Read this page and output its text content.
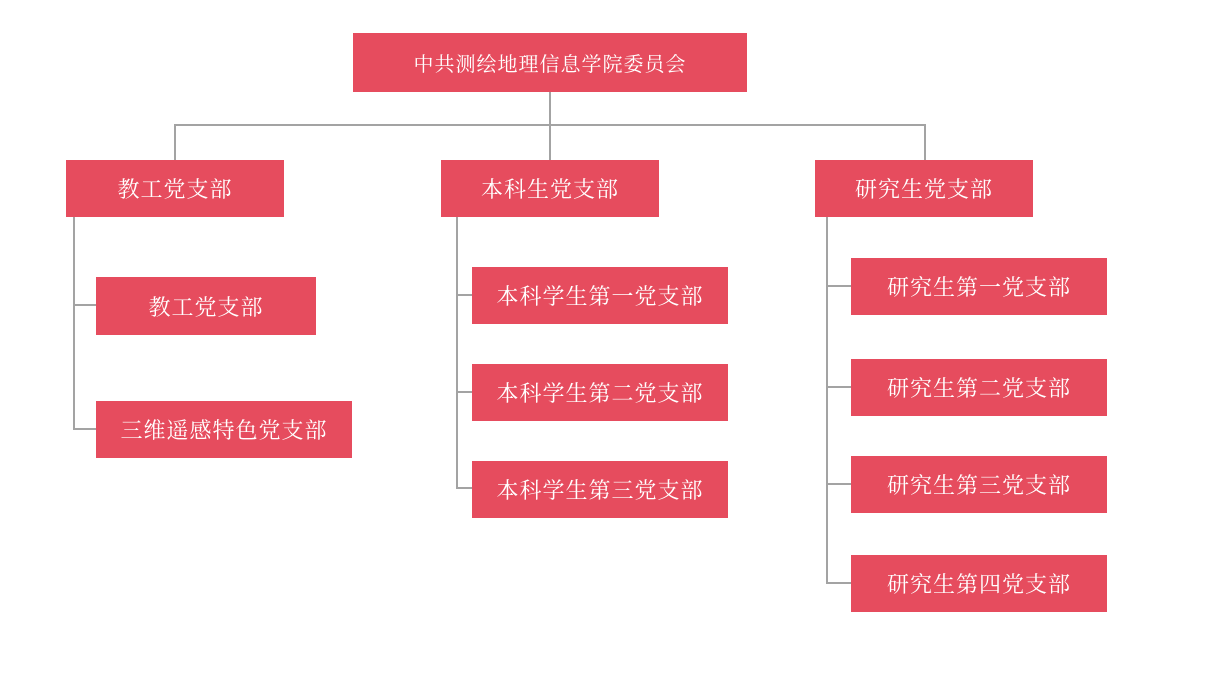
中共测绘地理信息学院委员会
教工党支部	本科生党支部	研究生党支部
教工党支部
三维遥感特色党支部
本科学生第一党支部
本科学生第二党支部
本科学生第三党支部
研究生第一党支部
研究生第二党支部
研究生第三党支部
研究生第四党支部
